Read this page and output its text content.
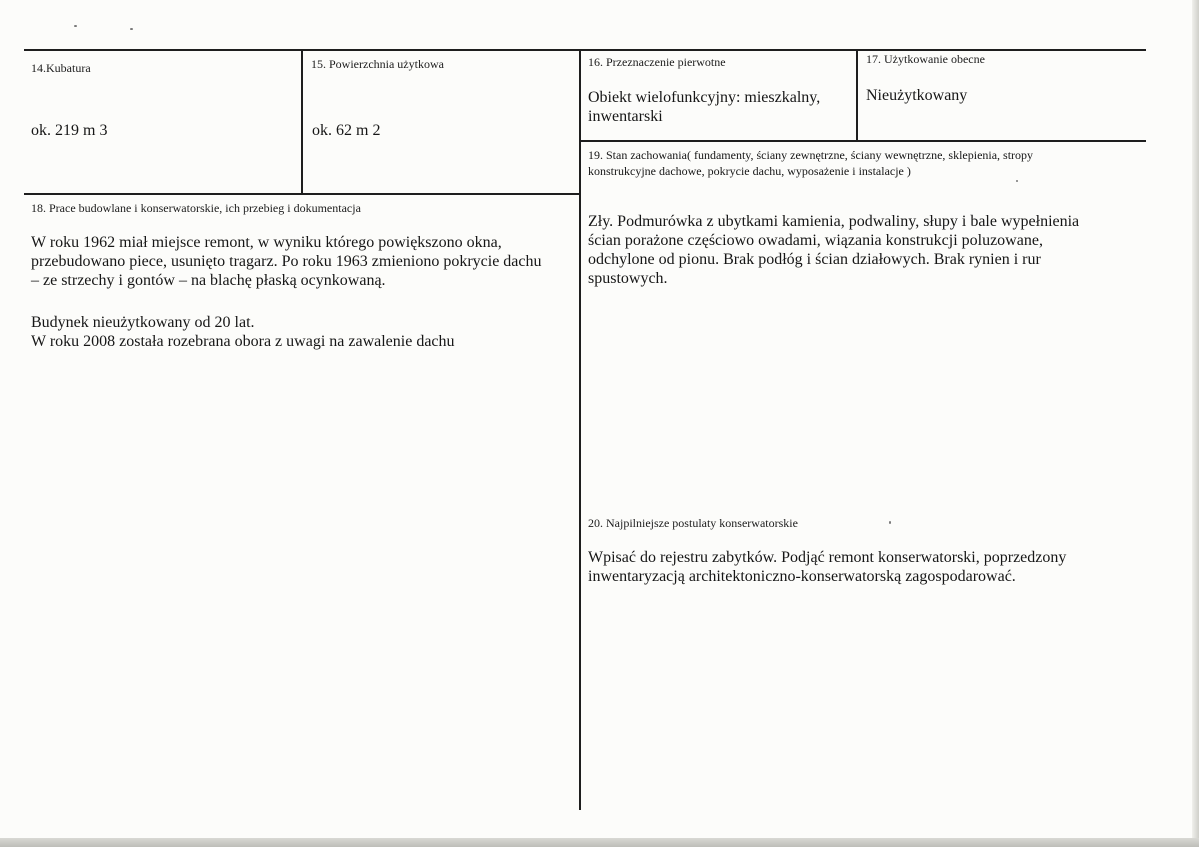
14.Kubatura
ok. 219 m 3
15. Powierzchnia użytkowa
ok. 62 m 2
16. Przeznaczenie pierwotne
Obiekt wielofunkcyjny: mieszkalny,
inwentarski
17. Użytkowanie obecne
Nieużytkowany
19. Stan zachowania( fundamenty, ściany zewnętrzne, ściany wewnętrzne, sklepienia, stropy
konstrukcyjne dachowe, pokrycie dachu, wyposażenie i instalacje )
Zły. Podmurówka z ubytkami kamienia, podwaliny, słupy i bale wypełnienia
ścian porażone częściowo owadami, wiązania konstrukcji poluzowane,
odchylone od pionu. Brak podłóg i ścian działowych. Brak rynien i rur
spustowych.
18. Prace budowlane i konserwatorskie, ich przebieg i dokumentacja
W roku 1962 miał miejsce remont, w wyniku którego powiększono okna,
przebudowano piece, usunięto tragarz. Po roku 1963 zmieniono pokrycie dachu
– ze strzechy i gontów – na blachę płaską ocynkowaną.
Budynek nieużytkowany od 20 lat.
W roku 2008 została rozebrana obora z uwagi na zawalenie dachu
20. Najpilniejsze postulaty konserwatorskie
Wpisać do rejestru zabytków. Podjąć remont konserwatorski, poprzedzony
inwentaryzacją architektoniczno-konserwatorską zagospodarować.
